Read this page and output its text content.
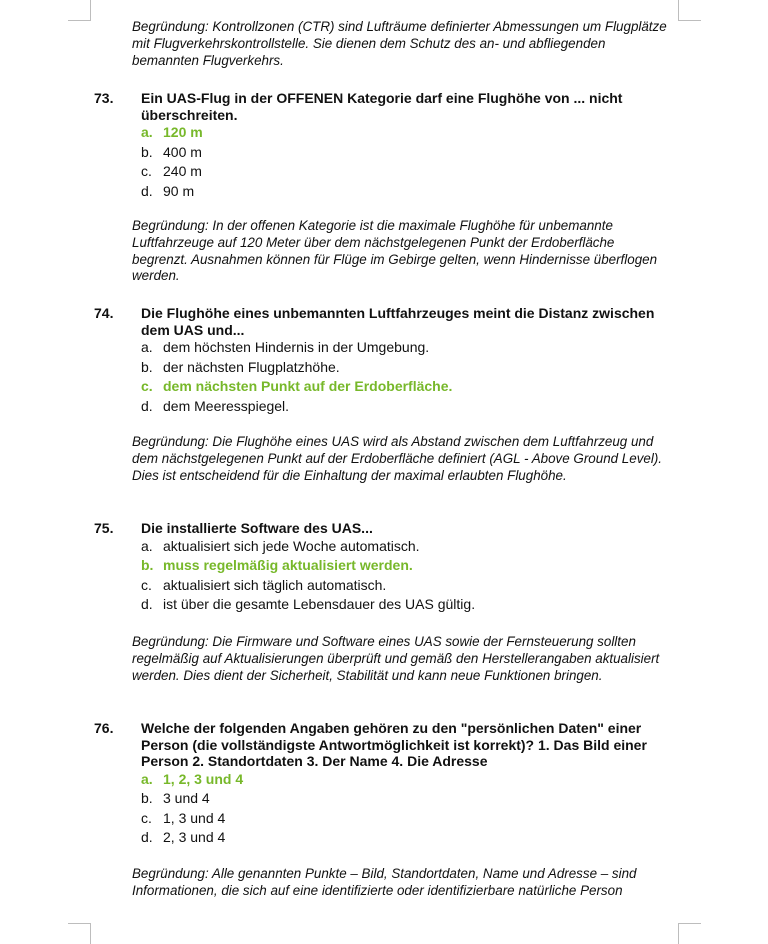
Begründung: Kontrollzonen (CTR) sind Lufträume definierter Abmessungen um Flugplätze mit Flugverkehrskontrollstelle. Sie dienen dem Schutz des an- und abfliegenden bemannten Flugverkehrs.

73. Ein UAS-Flug in der OFFENEN Kategorie darf eine Flughöhe von ... nicht überschreiten.
a. 120 m
b. 400 m
c. 240 m
d. 90 m

Begründung: In der offenen Kategorie ist die maximale Flughöhe für unbemannte Luftfahrzeuge auf 120 Meter über dem nächstgelegenen Punkt der Erdoberfläche begrenzt. Ausnahmen können für Flüge im Gebirge gelten, wenn Hindernisse überflogen werden.

74. Die Flughöhe eines unbemannten Luftfahrzeuges meint die Distanz zwischen dem UAS und...
a. dem höchsten Hindernis in der Umgebung.
b. der nächsten Flugplatzhöhe.
c. dem nächsten Punkt auf der Erdoberfläche.
d. dem Meeresspiegel.

Begründung: Die Flughöhe eines UAS wird als Abstand zwischen dem Luftfahrzeug und dem nächstgelegenen Punkt auf der Erdoberfläche definiert (AGL - Above Ground Level). Dies ist entscheidend für die Einhaltung der maximal erlaubten Flughöhe.

75. Die installierte Software des UAS...
a. aktualisiert sich jede Woche automatisch.
b. muss regelmäßig aktualisiert werden.
c. aktualisiert sich täglich automatisch.
d. ist über die gesamte Lebensdauer des UAS gültig.

Begründung: Die Firmware und Software eines UAS sowie der Fernsteuerung sollten regelmäßig auf Aktualisierungen überprüft und gemäß den Herstellerangaben aktualisiert werden. Dies dient der Sicherheit, Stabilität und kann neue Funktionen bringen.

76. Welche der folgenden Angaben gehören zu den "persönlichen Daten" einer Person (die vollständigste Antwortmöglichkeit ist korrekt)? 1. Das Bild einer Person 2. Standortdaten 3. Der Name 4. Die Adresse
a. 1, 2, 3 und 4
b. 3 und 4
c. 1, 3 und 4
d. 2, 3 und 4

Begründung: Alle genannten Punkte – Bild, Standortdaten, Name und Adresse – sind Informationen, die sich auf eine identifizierte oder identifizierbare natürliche Person
